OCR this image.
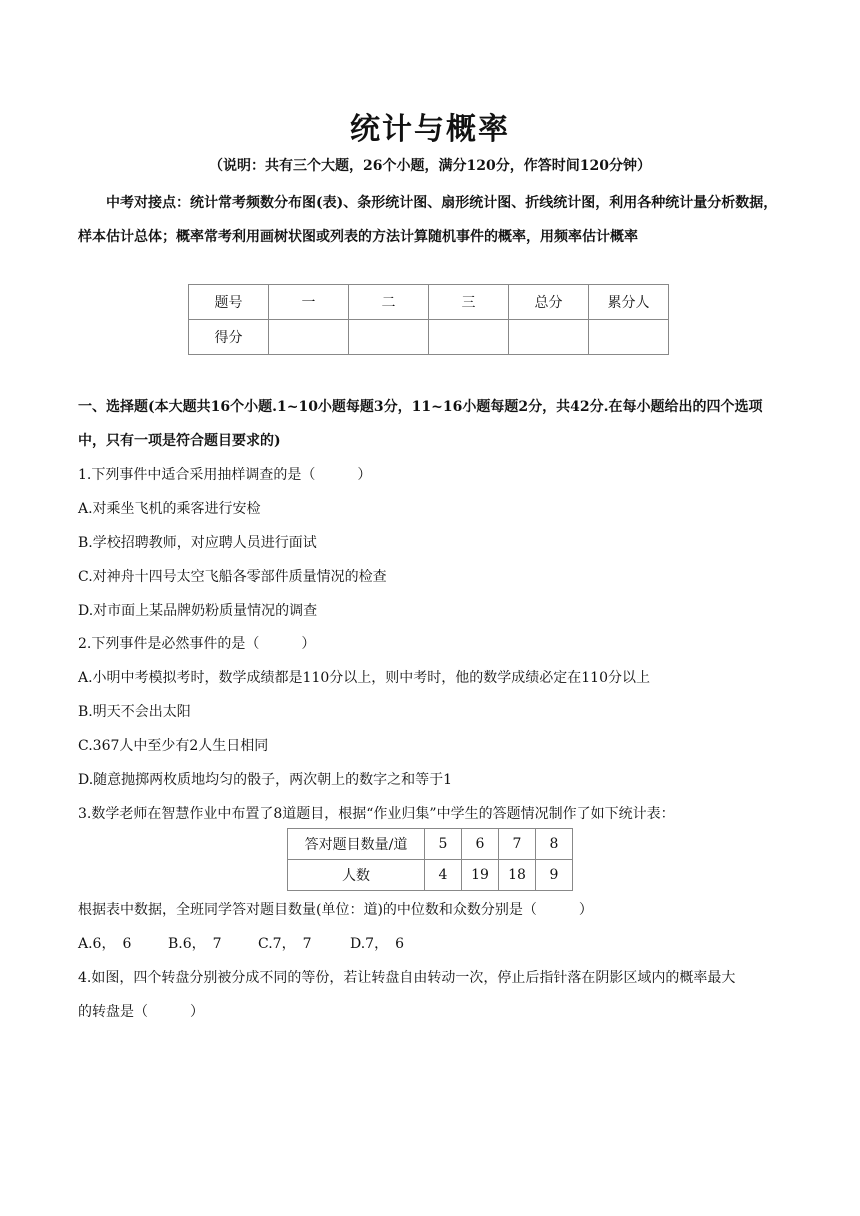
统计与概率
（说明：共有三个大题，26个小题，满分120分，作答时间120分钟）
中考对接点：统计常考频数分布图(表)、条形统计图、扇形统计图、折线统计图，利用各种统计量分析数据，样本估计总体；概率常考利用画树状图或列表的方法计算随机事件的概率，用频率估计概率
题号	一	二	三	总分	累分人
得分					
一、选择题(本大题共16个小题.1~10小题每题3分，11~16小题每题2分，共42分.在每小题给出的四个选项中，只有一项是符合题目要求的)
1.下列事件中适合采用抽样调查的是（　　　）
A.对乘坐飞机的乘客进行安检
B.学校招聘教师，对应聘人员进行面试
C.对神舟十四号太空飞船各零部件质量情况的检查
D.对市面上某品牌奶粉质量情况的调查
2.下列事件是必然事件的是（　　　）
A.小明中考模拟考时，数学成绩都是110分以上，则中考时，他的数学成绩必定在110分以上
B.明天不会出太阳
C.367人中至少有2人生日相同
D.随意抛掷两枚质地均匀的骰子，两次朝上的数字之和等于1
3.数学老师在智慧作业中布置了8道题目，根据“作业归集”中学生的答题情况制作了如下统计表：
答对题目数量/道	5	6	7	8
人数	4	19	18	9
根据表中数据，全班同学答对题目数量(单位：道)的中位数和众数分别是（　　　）
A.6，　6	B.6，　7	C.7，　7	D.7，　6
4.如图，四个转盘分别被分成不同的等份，若让转盘自由转动一次，停止后指针落在阴影区域内的概率最大
的转盘是（　　　）
